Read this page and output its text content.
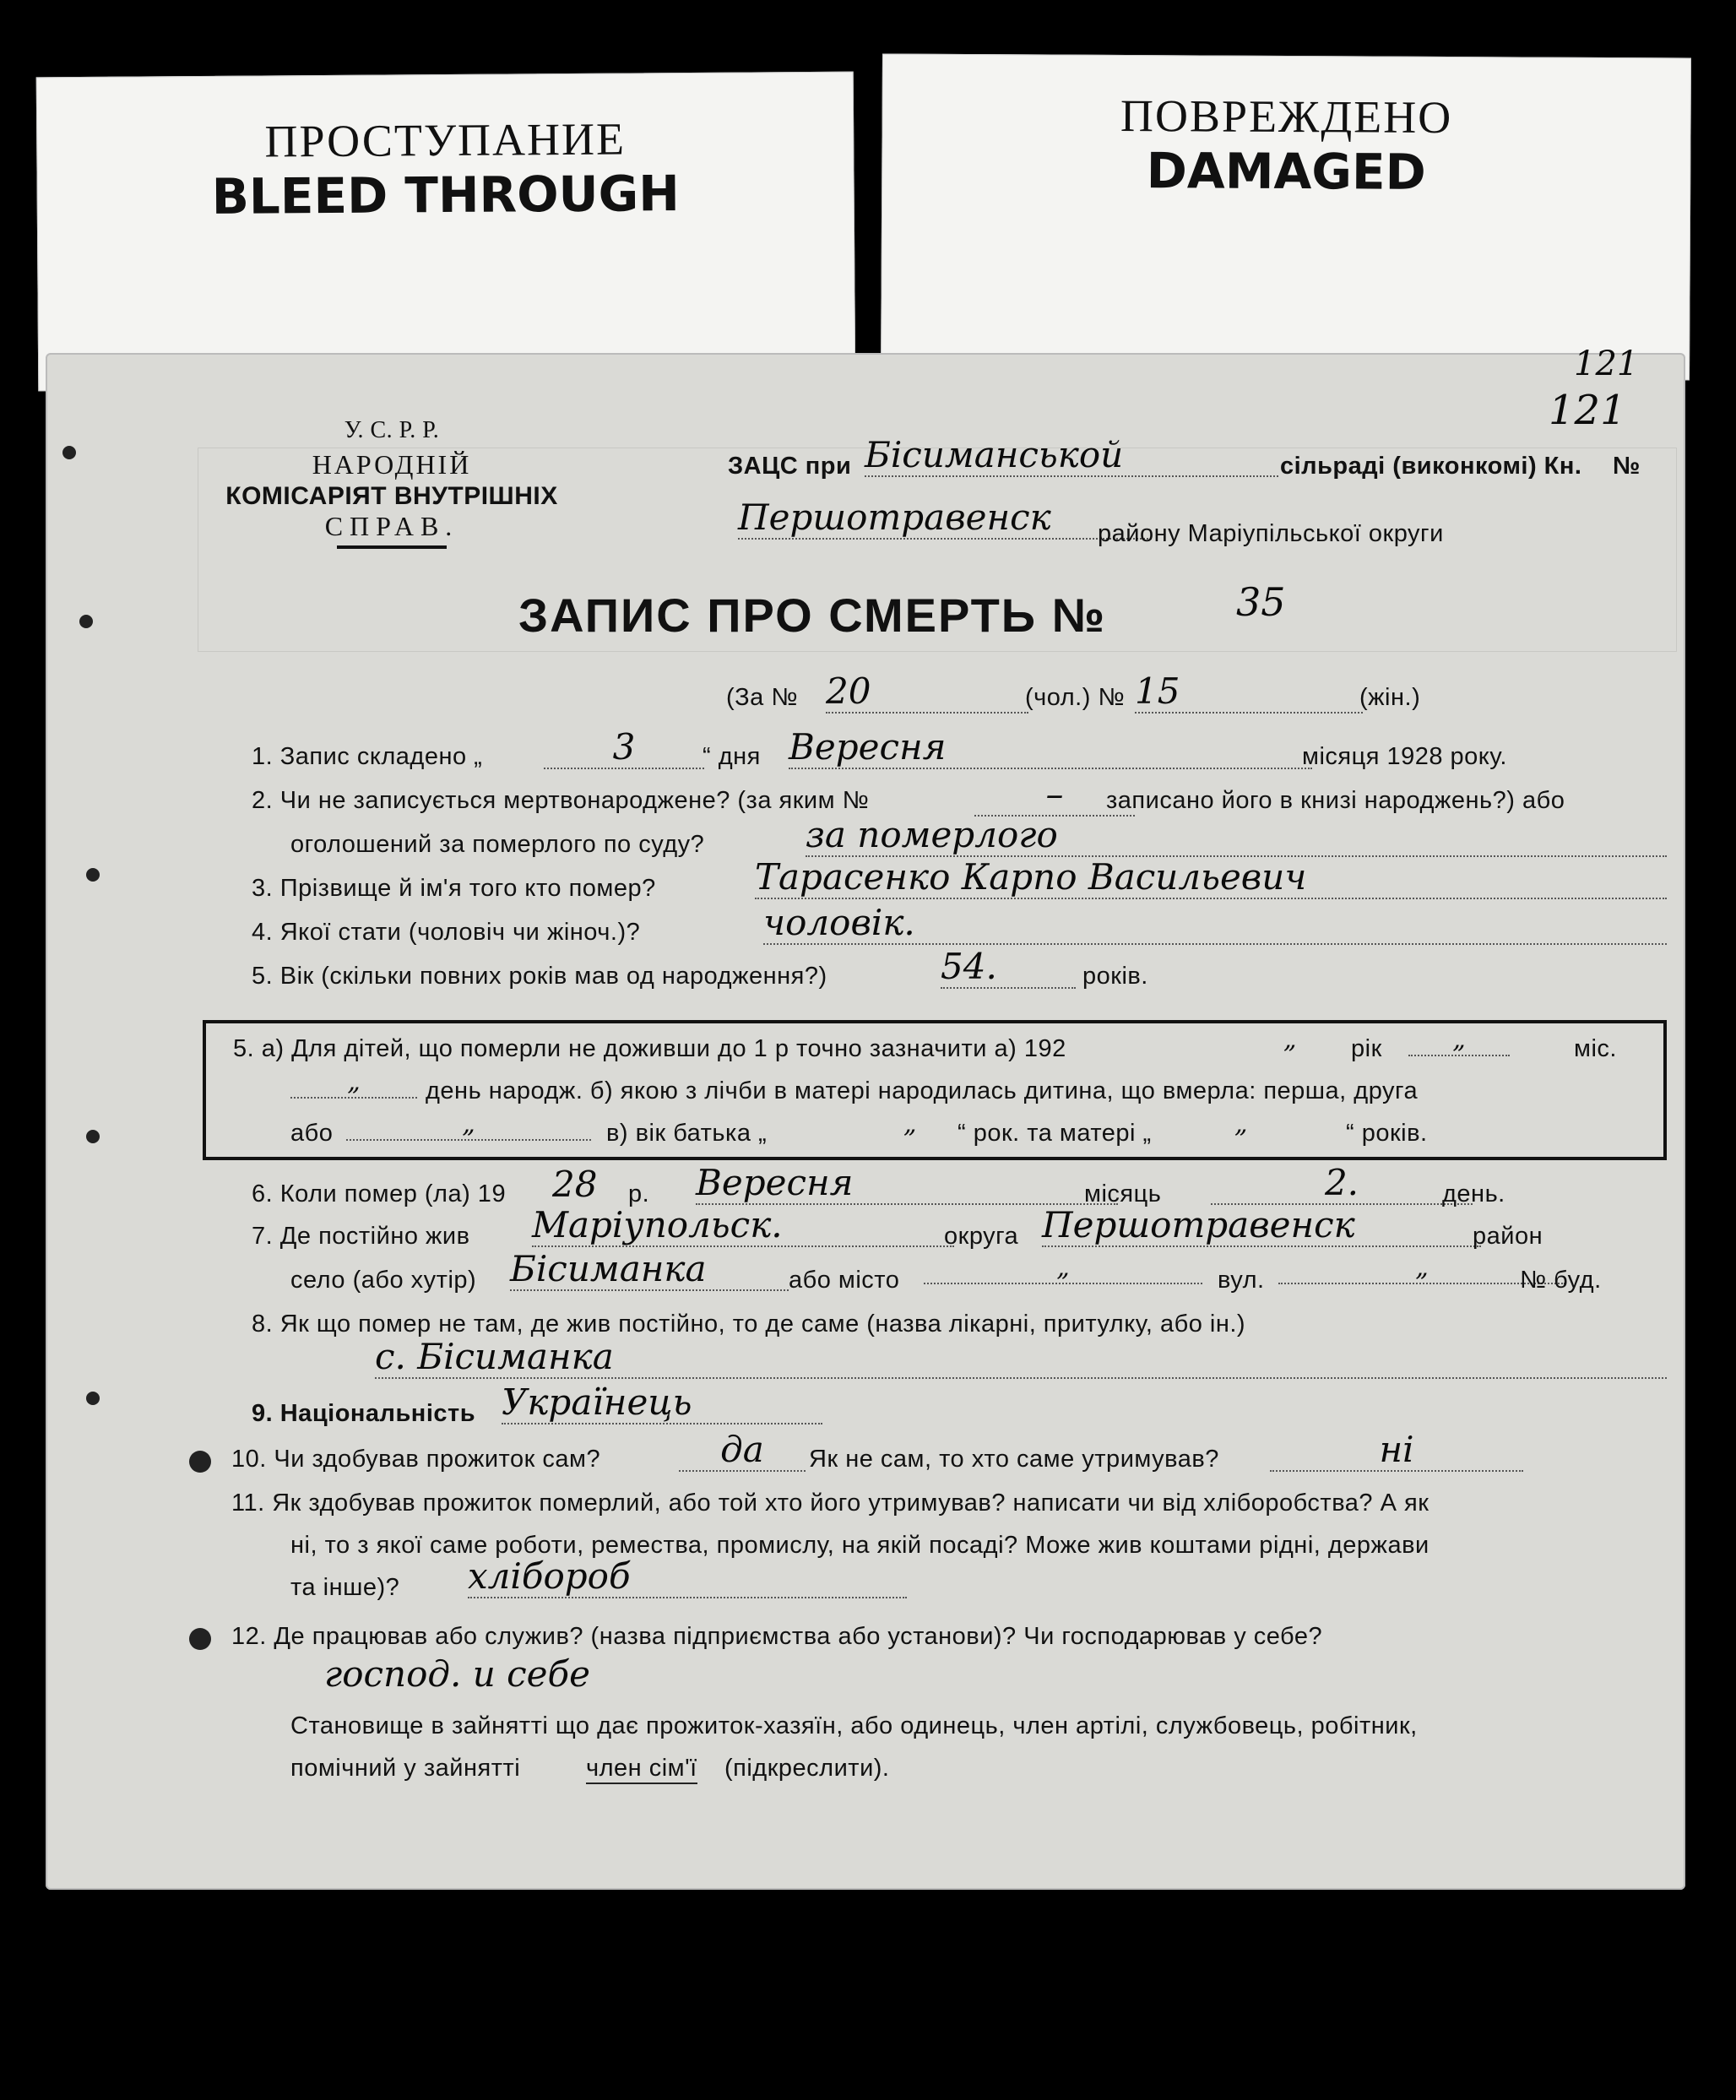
ПРОСТУПАНИЕ
BLEED THROUGH
ПОВРЕЖДЕНО
DAMAGED
121
121
У. С. Р. Р.
НАРОДНІЙ
КОМІСАРІЯТ ВНУТРІШНІХ
СПРАВ.
ЗАЦС при Бісиманськой	сільраді (виконкомі) Кн. №
Першотравенск	району Маріупільської округи
ЗАПИС ПРО СМЕРТЬ №	35
(За № 20	(чол.) № 15	(жін.)
1. Запис складено „	3	“ дня Вересня	місяця 1928 року.
2. Чи не записується мертвонароджене? (за яким №	–	записано його в книзі народжень?) або
оголошений за померлого по суду?	за померлого
3. Прізвище й ім'я того кто помер?	Тарасенко Карпо Васильевич
4. Якої стати (чоловіч чи жіноч.)?	чоловік.
5. Вік (скільки повних років мав од народження?)	54.	років.
5. а) Для дітей, що померли не доживши до 1 р точно зазначити а) 192	„ рік	„	міс.
„	день народж. б) якою з лічби в матері народилась дитина, що вмерла: перша, друга
або	„	в) вік батька „	„ “ рок. та матері „	„	“ років.
6. Коли помер (ла) 19 28 р. Вересня	місяць	2.	день.
7. Де постійно жив Маріупольск.	округа Першотравенск	район
село (або хутір) Бісиманка	або місто	„	вул.	„	№ буд.
8. Як що помер не там, де жив постійно, то де саме (назва лікарні, притулку, або ін.)
с. Бісиманка
9. Національність Українець
10. Чи здобував прожиток сам?	да	Як не сам, то хто саме утримував?	ні
11. Як здобував прожиток померлий, або той хто його утримував? написати чи від хліборобства? А як
ні, то з якої саме роботи, ремества, промислу, на якій посаді? Може жив коштами рідні, держави
та інше)? хлібороб
12. Де працював або служив? (назва підприємства або установи)? Чи господарював у себе?
господ. и себе
Становище в зайнятті що дає прожиток-хазяїн, або одинець, член артілі, службовець, робітник,
помічний у зайнятті	член сім'ї (підкреслити).
